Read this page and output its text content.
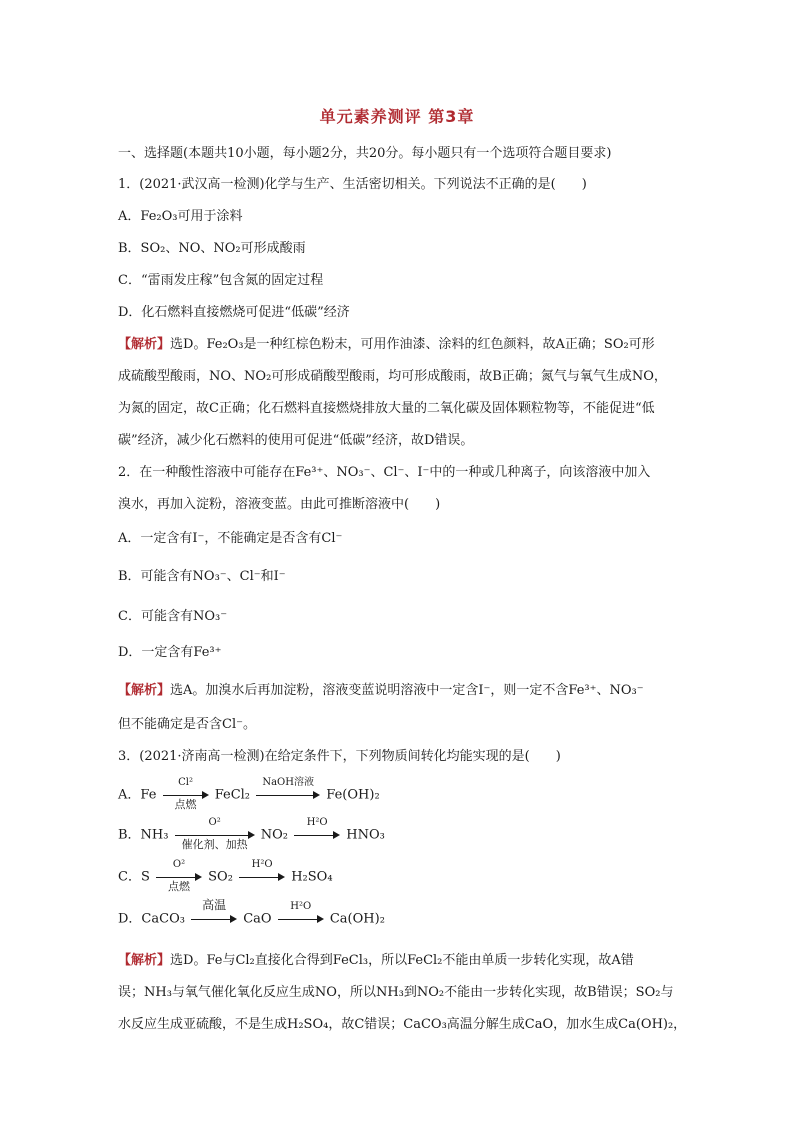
单元素养测评 第3章
一、选择题(本题共10小题，每小题2分，共20分。每小题只有一个选项符合题目要求)
1．(2021·武汉高一检测)化学与生产、生活密切相关。下列说法不正确的是(　　)
A．Fe₂O₃可用于涂料
B．SO₂、NO、NO₂可形成酸雨
C．“雷雨发庄稼”包含氮的固定过程
D．化石燃料直接燃烧可促进“低碳”经济
【解析】选D。Fe₂O₃是一种红棕色粉末，可用作油漆、涂料的红色颜料，故A正确；SO₂可形
成硫酸型酸雨，NO、NO₂可形成硝酸型酸雨，均可形成酸雨，故B正确；氮气与氧气生成NO，
为氮的固定，故C正确；化石燃料直接燃烧排放大量的二氧化碳及固体颗粒物等，不能促进“低
碳”经济，减少化石燃料的使用可促进“低碳”经济，故D错误。
2．在一种酸性溶液中可能存在Fe³⁺、NO₃⁻、Cl⁻、I⁻中的一种或几种离子，向该溶液中加入
溴水，再加入淀粉，溶液变蓝。由此可推断溶液中(　　)
A．一定含有I⁻，不能确定是否含有Cl⁻
B．可能含有NO₃⁻、Cl⁻和I⁻
C．可能含有NO₃⁻
D．一定含有Fe³⁺
【解析】选A。加溴水后再加淀粉，溶液变蓝说明溶液中一定含I⁻，则一定不含Fe³⁺、NO₃⁻
但不能确定是否含Cl⁻。
3．(2021·济南高一检测)在给定条件下，下列物质间转化均能实现的是(　　)
A．Fe
Cl²
点燃
FeCl₂
NaOH溶液
Fe(OH)₂
B．NH₃
O²
催化剂、加热
NO₂
H²O
HNO₃
C．S
O²
点燃
SO₂
H²O
H₂SO₄
D．CaCO₃
高温
CaO
H²O
Ca(OH)₂
【解析】选D。Fe与Cl₂直接化合得到FeCl₃，所以FeCl₂不能由单质一步转化实现，故A错
误；NH₃与氧气催化氧化反应生成NO，所以NH₃到NO₂不能由一步转化实现，故B错误；SO₂与
水反应生成亚硫酸，不是生成H₂SO₄，故C错误；CaCO₃高温分解生成CaO，加水生成Ca(OH)₂，
